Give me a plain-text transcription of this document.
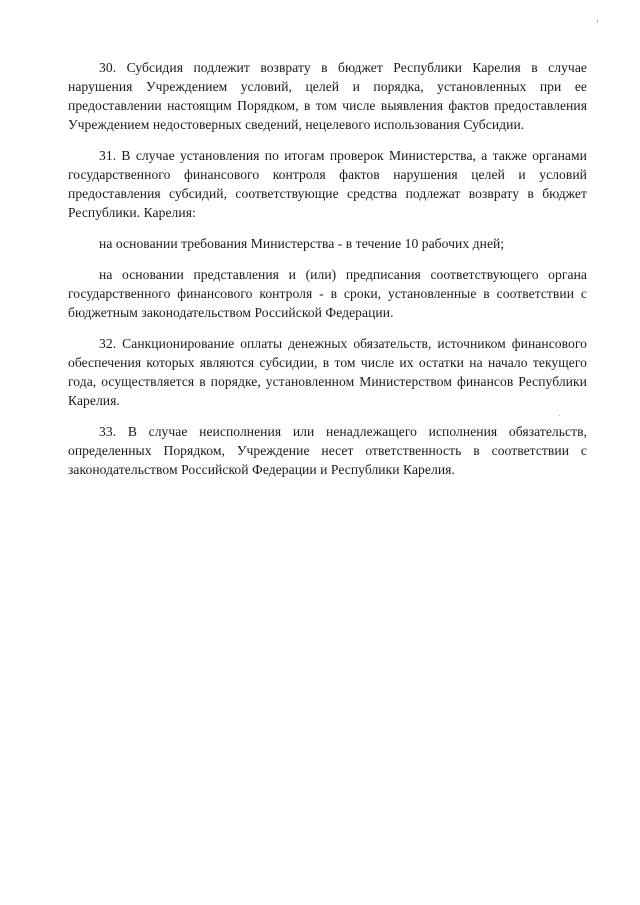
30. Субсидия подлежит возврату в бюджет Республики Карелия в случае нарушения Учреждением условий, целей и порядка, установленных при ее предоставлении настоящим Порядком, в том числе выявления фактов предоставления Учреждением недостоверных сведений, нецелевого использования Субсидии.

31. В случае установления по итогам проверок Министерства, а также органами государственного финансового контроля фактов нарушения целей и условий предоставления субсидий, соответствующие средства подлежат возврату в бюджет Республики. Карелия:

на основании требования Министерства - в течение 10 рабочих дней;

на основании представления и (или) предписания соответствующего органа государственного финансового контроля - в сроки, установленные в соответствии с бюджетным законодательством Российской Федерации.

32. Санкционирование оплаты денежных обязательств, источником финансового обеспечения которых являются субсидии, в том числе их остатки на начало текущего года, осуществляется в порядке, установленном Министерством финансов Республики Карелия.

33. В случае неисполнения или ненадлежащего исполнения обязательств, определенных Порядком, Учреждение несет ответственность в соответствии с законодательством Российской Федерации и Республики Карелия.
